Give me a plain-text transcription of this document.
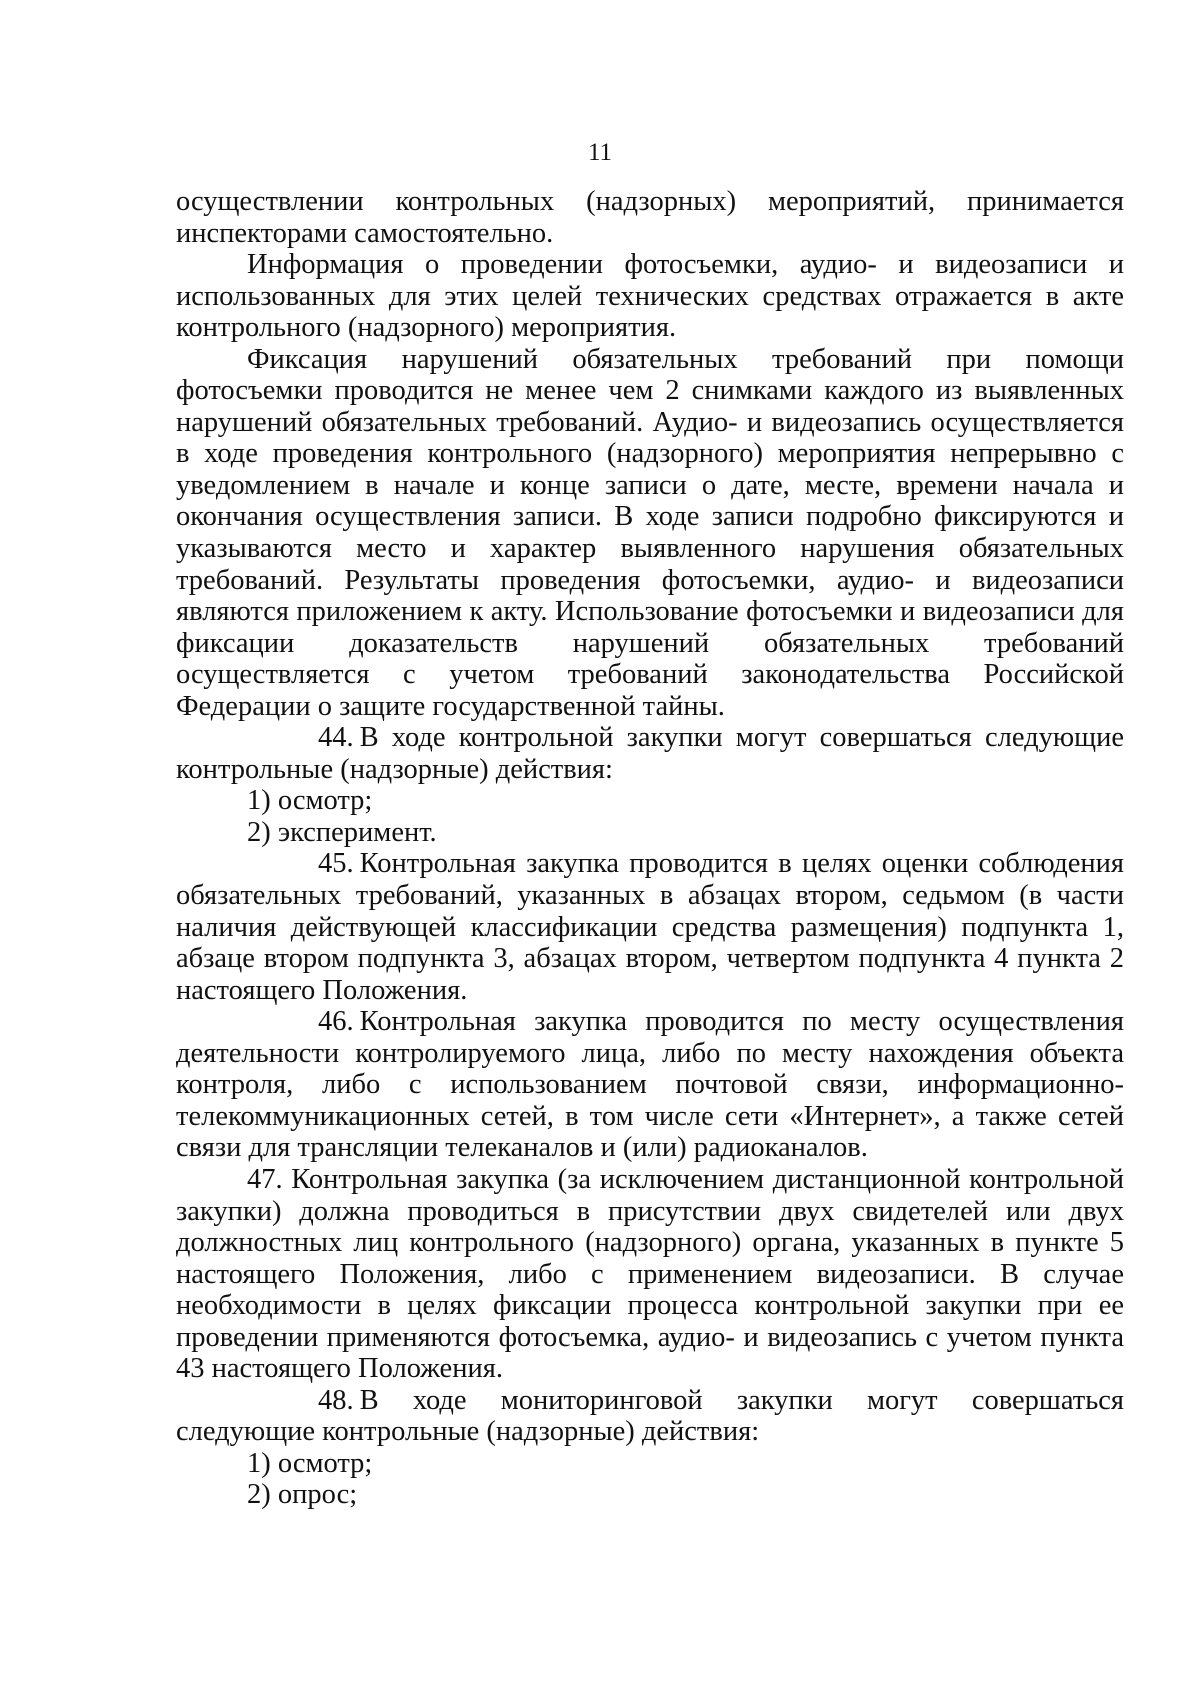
11

осуществлении контрольных (надзорных) мероприятий, принимается инспекторами самостоятельно.

Информация о проведении фотосъемки, аудио- и видеозаписи и использованных для этих целей технических средствах отражается в акте контрольного (надзорного) мероприятия.

Фиксация нарушений обязательных требований при помощи фотосъемки проводится не менее чем 2 снимками каждого из выявленных нарушений обязательных требований. Аудио- и видеозапись осуществляется в ходе проведения контрольного (надзорного) мероприятия непрерывно с уведомлением в начале и конце записи о дате, месте, времени начала и окончания осуществления записи. В ходе записи подробно фиксируются и указываются место и характер выявленного нарушения обязательных требований. Результаты проведения фотосъемки, аудио- и видеозаписи являются приложением к акту. Использование фотосъемки и видеозаписи для фиксации доказательств нарушений обязательных требований осуществляется с учетом требований законодательства Российской Федерации о защите государственной тайны.

44. В ходе контрольной закупки могут совершаться следующие контрольные (надзорные) действия:

1) осмотр;

2) эксперимент.

45. Контрольная закупка проводится в целях оценки соблюдения обязательных требований, указанных в абзацах втором, седьмом (в части наличия действующей классификации средства размещения) подпункта 1, абзаце втором подпункта 3, абзацах втором, четвертом подпункта 4 пункта 2 настоящего Положения.

46. Контрольная закупка проводится по месту осуществления деятельности контролируемого лица, либо по месту нахождения объекта контроля, либо с использованием почтовой связи, информационно-телекоммуникационных сетей, в том числе сети «Интернет», а также сетей связи для трансляции телеканалов и (или) радиоканалов.

47. Контрольная закупка (за исключением дистанционной контрольной закупки) должна проводиться в присутствии двух свидетелей или двух должностных лиц контрольного (надзорного) органа, указанных в пункте 5 настоящего Положения, либо с применением видеозаписи. В случае необходимости в целях фиксации процесса контрольной закупки при ее проведении применяются фотосъемка, аудио- и видеозапись с учетом пункта 43 настоящего Положения.

48. В ходе мониторинговой закупки могут совершаться следующие контрольные (надзорные) действия:

1) осмотр;

2) опрос;
